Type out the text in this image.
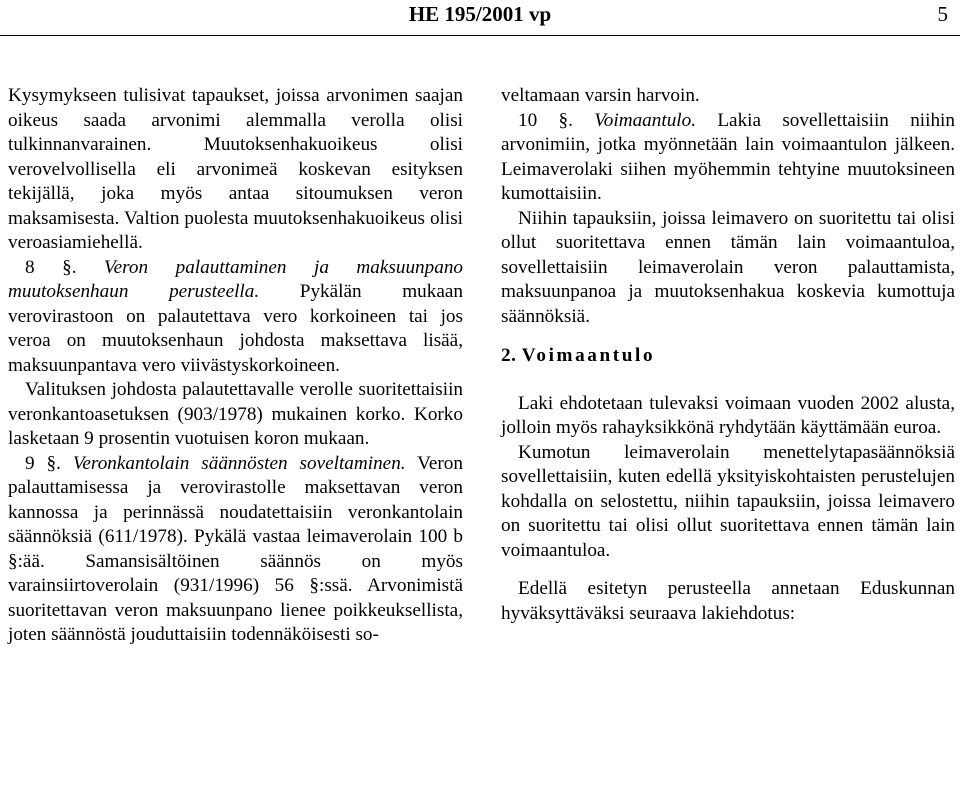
HE 195/2001 vp	5

Kysymykseen tulisivat tapaukset, joissa arvonimen saajan oikeus saada arvonimi alemmalla verolla olisi tulkinnanvarainen. Muutoksenhakuoikeus olisi verovelvollisella eli arvonimeä koskevan esityksen tekijällä, joka myös antaa sitoumuksen veron maksamisesta. Valtion puolesta muutoksenhakuoikeus olisi veroasiamiehellä.

8 §. Veron palauttaminen ja maksuunpano muutoksenhaun perusteella. Pykälän mukaan verovirastoon on palautettava vero korkoineen tai jos veroa on muutoksenhaun johdosta maksettava lisää, maksuunpantava vero viivästyskorkoineen.

Valituksen johdosta palautettavalle verolle suoritettaisiin veronkantoasetuksen (903/1978) mukainen korko. Korko lasketaan 9 prosentin vuotuisen koron mukaan.

9 §. Veronkantolain säännösten soveltaminen. Veron palauttamisessa ja verovirastolle maksettavan veron kannossa ja perinnässä noudatettaisiin veronkantolain säännöksiä (611/1978). Pykälä vastaa leimaverolain 100 b §:ää. Samansisältöinen säännös on myös varainsiirtoverolain (931/1996) 56 §:ssä. Arvonimistä suoritettavan veron maksuunpano lienee poikkeuksellista, joten säännöstä jouduttaisiin todennäköisesti so-

veltamaan varsin harvoin.

10 §. Voimaantulo. Lakia sovellettaisiin niihin arvonimiin, jotka myönnetään lain voimaantulon jälkeen. Leimaverolaki siihen myöhemmin tehtyine muutoksineen kumottaisiin.

Niihin tapauksiin, joissa leimavero on suoritettu tai olisi ollut suoritettava ennen tämän lain voimaantuloa, sovellettaisiin leimaverolain veron palauttamista, maksuunpanoa ja muutoksenhakua koskevia kumottuja säännöksiä.

2. Voimaantulo

Laki ehdotetaan tulevaksi voimaan vuoden 2002 alusta, jolloin myös rahayksikkönä ryhdytään käyttämään euroa.

Kumotun leimaverolain menettelytapasäännöksiä sovellettaisiin, kuten edellä yksityiskohtaisten perustelujen kohdalla on selostettu, niihin tapauksiin, joissa leimavero on suoritettu tai olisi ollut suoritettava ennen tämän lain voimaantuloa.

Edellä esitetyn perusteella annetaan Eduskunnan hyväksyttäväksi seuraava lakiehdotus:
